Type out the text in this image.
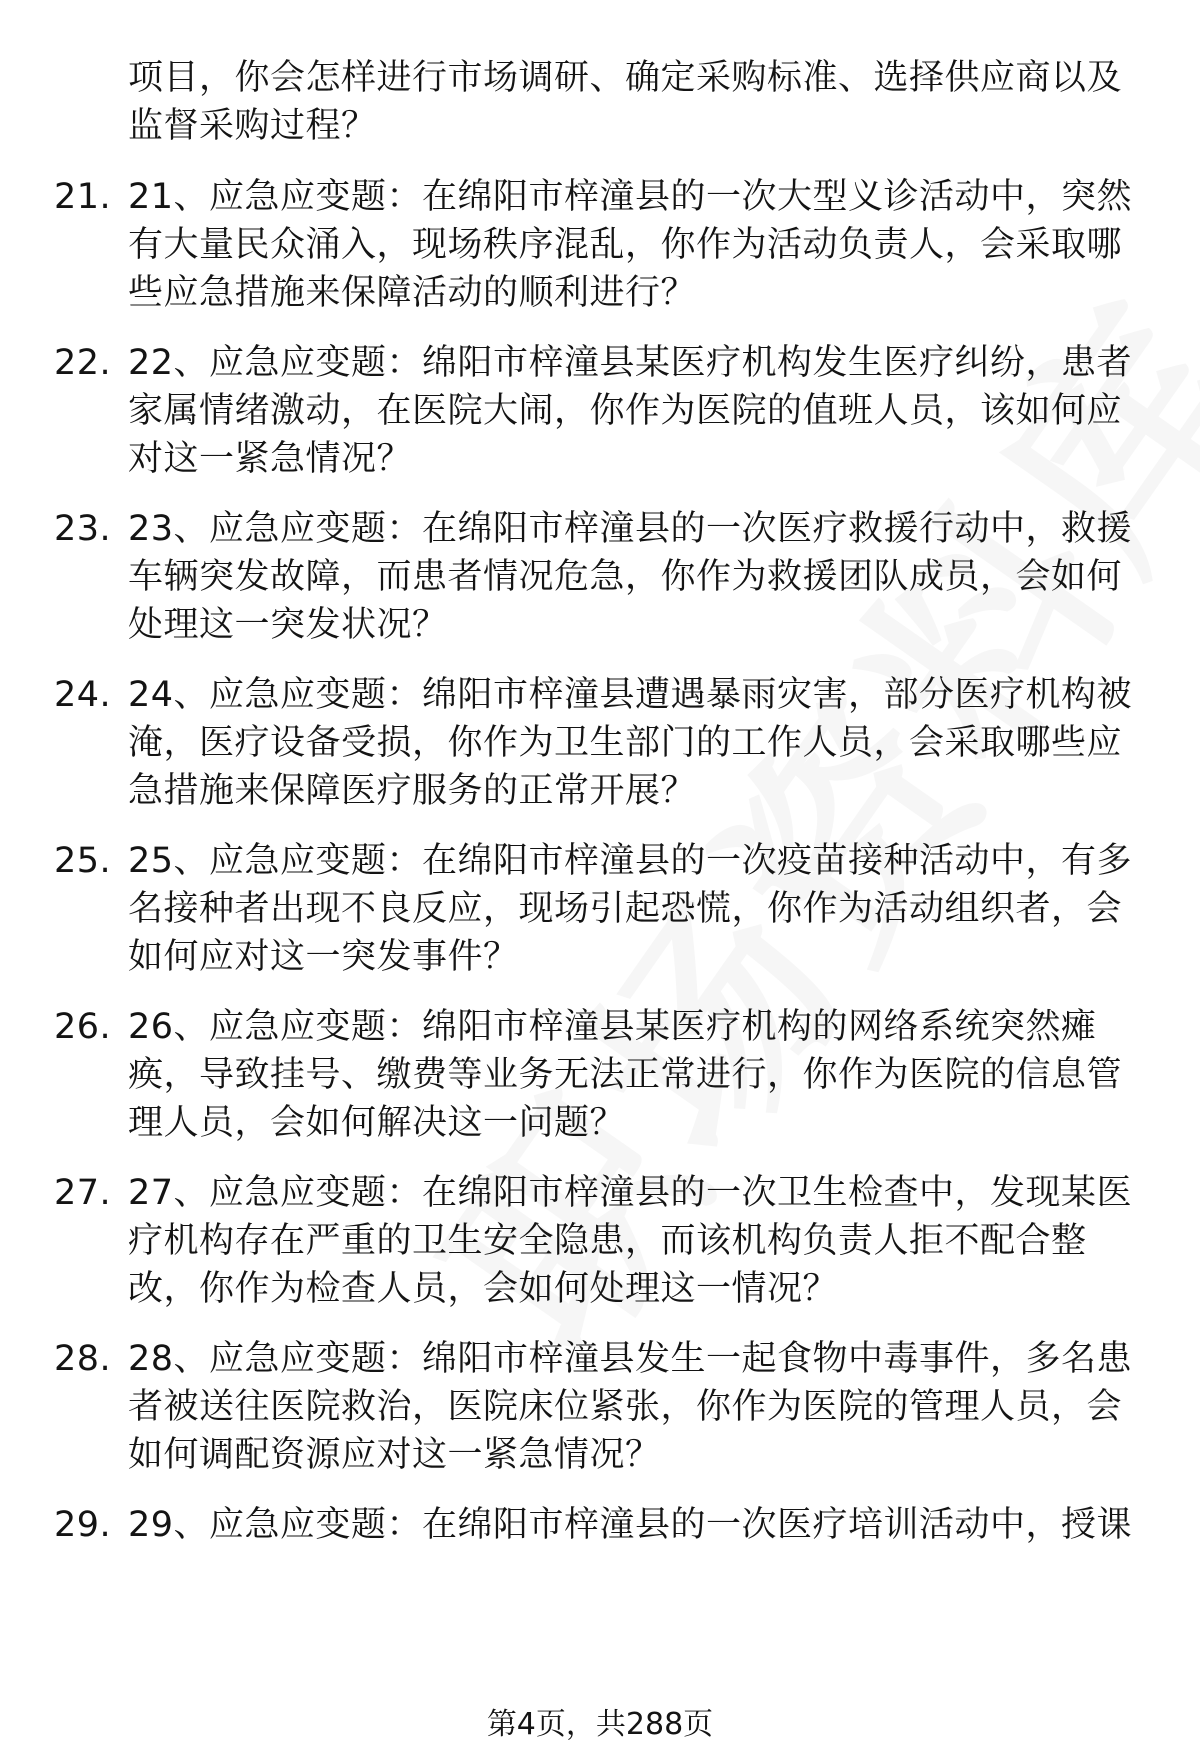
项目，你会怎样进行市场调研、确定采购标准、选择供应商以及
监督采购过程？
21. 21、应急应变题：在绵阳市梓潼县的一次大型义诊活动中，突然
有大量民众涌入，现场秩序混乱，你作为活动负责人，会采取哪
些应急措施来保障活动的顺利进行？
22. 22、应急应变题：绵阳市梓潼县某医疗机构发生医疗纠纷，患者
家属情绪激动，在医院大闹，你作为医院的值班人员，该如何应
对这一紧急情况？
23. 23、应急应变题：在绵阳市梓潼县的一次医疗救援行动中，救援
车辆突发故障，而患者情况危急，你作为救援团队成员，会如何
处理这一突发状况？
24. 24、应急应变题：绵阳市梓潼县遭遇暴雨灾害，部分医疗机构被
淹，医疗设备受损，你作为卫生部门的工作人员，会采取哪些应
急措施来保障医疗服务的正常开展？
25. 25、应急应变题：在绵阳市梓潼县的一次疫苗接种活动中，有多
名接种者出现不良反应，现场引起恐慌，你作为活动组织者，会
如何应对这一突发事件？
26. 26、应急应变题：绵阳市梓潼县某医疗机构的网络系统突然瘫
痪，导致挂号、缴费等业务无法正常进行，你作为医院的信息管
理人员，会如何解决这一问题？
27. 27、应急应变题：在绵阳市梓潼县的一次卫生检查中，发现某医
疗机构存在严重的卫生安全隐患，而该机构负责人拒不配合整
改，你作为检查人员，会如何处理这一情况？
28. 28、应急应变题：绵阳市梓潼县发生一起食物中毒事件，多名患
者被送往医院救治，医院床位紧张，你作为医院的管理人员，会
如何调配资源应对这一紧急情况？
29. 29、应急应变题：在绵阳市梓潼县的一次医疗培训活动中，授课
第4页，共288页
